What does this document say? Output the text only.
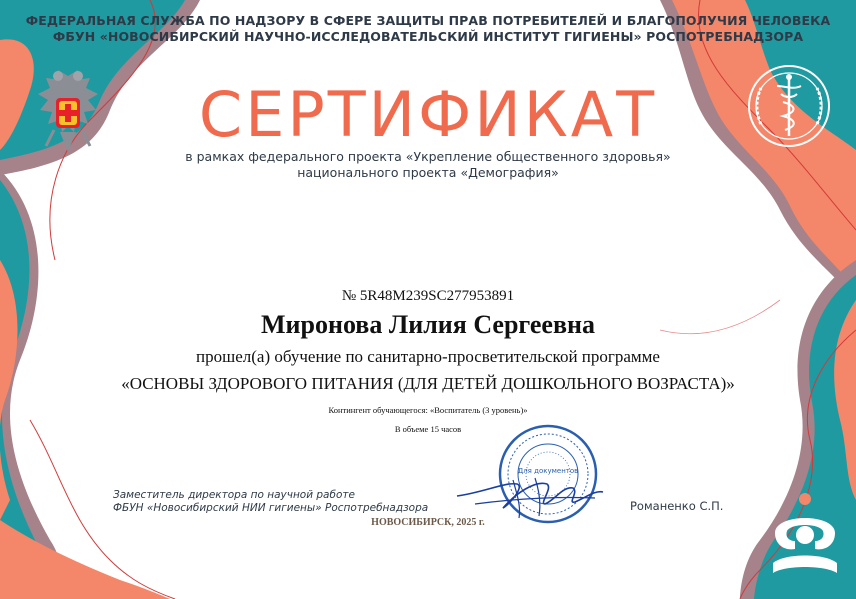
ФЕДЕРАЛЬНАЯ СЛУЖБА ПО НАДЗОРУ В СФЕРЕ ЗАЩИТЫ ПРАВ ПОТРЕБИТЕЛЕЙ И БЛАГОПОЛУЧИЯ ЧЕЛОВЕКА
ФБУН «НОВОСИБИРСКИЙ НАУЧНО-ИССЛЕДОВАТЕЛЬСКИЙ ИНСТИТУТ ГИГИЕНЫ» РОСПОТРЕБНАДЗОРА
СЕРТИФИКАТ
в рамках федерального проекта «Укрепление общественного здоровья»
национального проекта «Демография»
№ 5R48M239SC277953891
Миронова Лилия Сергеевна
прошел(а) обучение по санитарно-просветительской программе
«ОСНОВЫ ЗДОРОВОГО ПИТАНИЯ (ДЛЯ ДЕТЕЙ ДОШКОЛЬНОГО ВОЗРАСТА)»
Контингент обучающегося: «Воспитатель (3 уровень)»
В объеме 15 часов
Для документов
Заместитель директора по научной работе
ФБУН «Новосибирский НИИ гигиены» Роспотребнадзора	Романенко С.П.
НОВОСИБИРСК, 2025 г.
